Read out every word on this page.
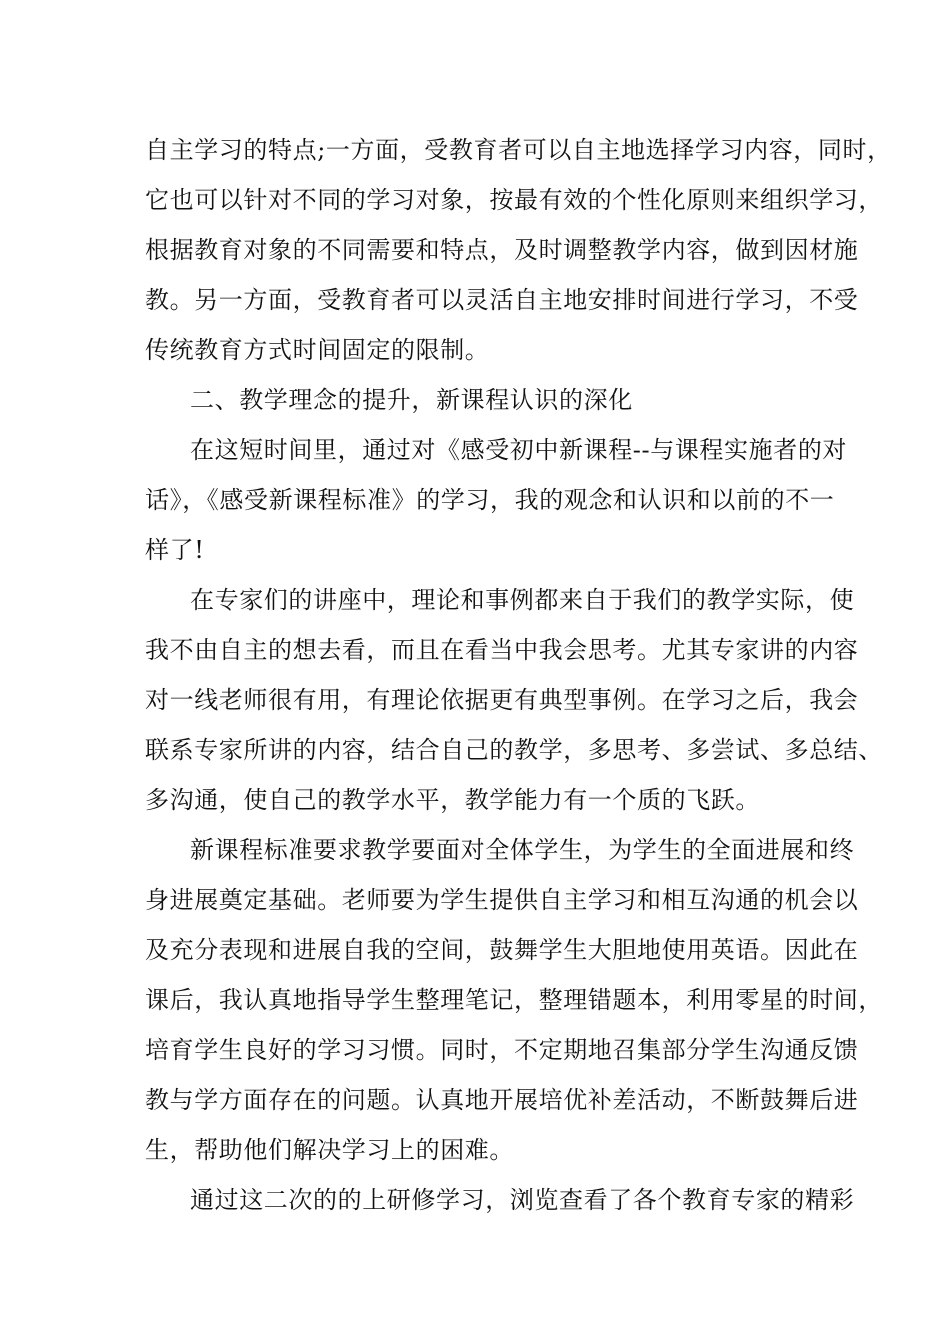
自主学习的特点;一方面，受教育者可以自主地选择学习内容，同时，
它也可以针对不同的学习对象，按最有效的个性化原则来组织学习，
根据教育对象的不同需要和特点，及时调整教学内容，做到因材施
教。另一方面，受教育者可以灵活自主地安排时间进行学习，不受
传统教育方式时间固定的限制。
二、教学理念的提升，新课程认识的深化
在这短时间里，通过对《感受初中新课程--与课程实施者的对
话》，《感受新课程标准》的学习，我的观念和认识和以前的不一
样了!
在专家们的讲座中，理论和事例都来自于我们的教学实际，使
我不由自主的想去看，而且在看当中我会思考。尤其专家讲的内容
对一线老师很有用，有理论依据更有典型事例。在学习之后，我会
联系专家所讲的内容，结合自己的教学，多思考、多尝试、多总结、
多沟通，使自己的教学水平，教学能力有一个质的飞跃。
新课程标准要求教学要面对全体学生，为学生的全面进展和终
身进展奠定基础。老师要为学生提供自主学习和相互沟通的机会以
及充分表现和进展自我的空间，鼓舞学生大胆地使用英语。因此在
课后，我认真地指导学生整理笔记，整理错题本，利用零星的时间，
培育学生良好的学习习惯。同时，不定期地召集部分学生沟通反馈
教与学方面存在的问题。认真地开展培优补差活动，不断鼓舞后进
生，帮助他们解决学习上的困难。
通过这二次的的上研修学习，浏览查看了各个教育专家的精彩
